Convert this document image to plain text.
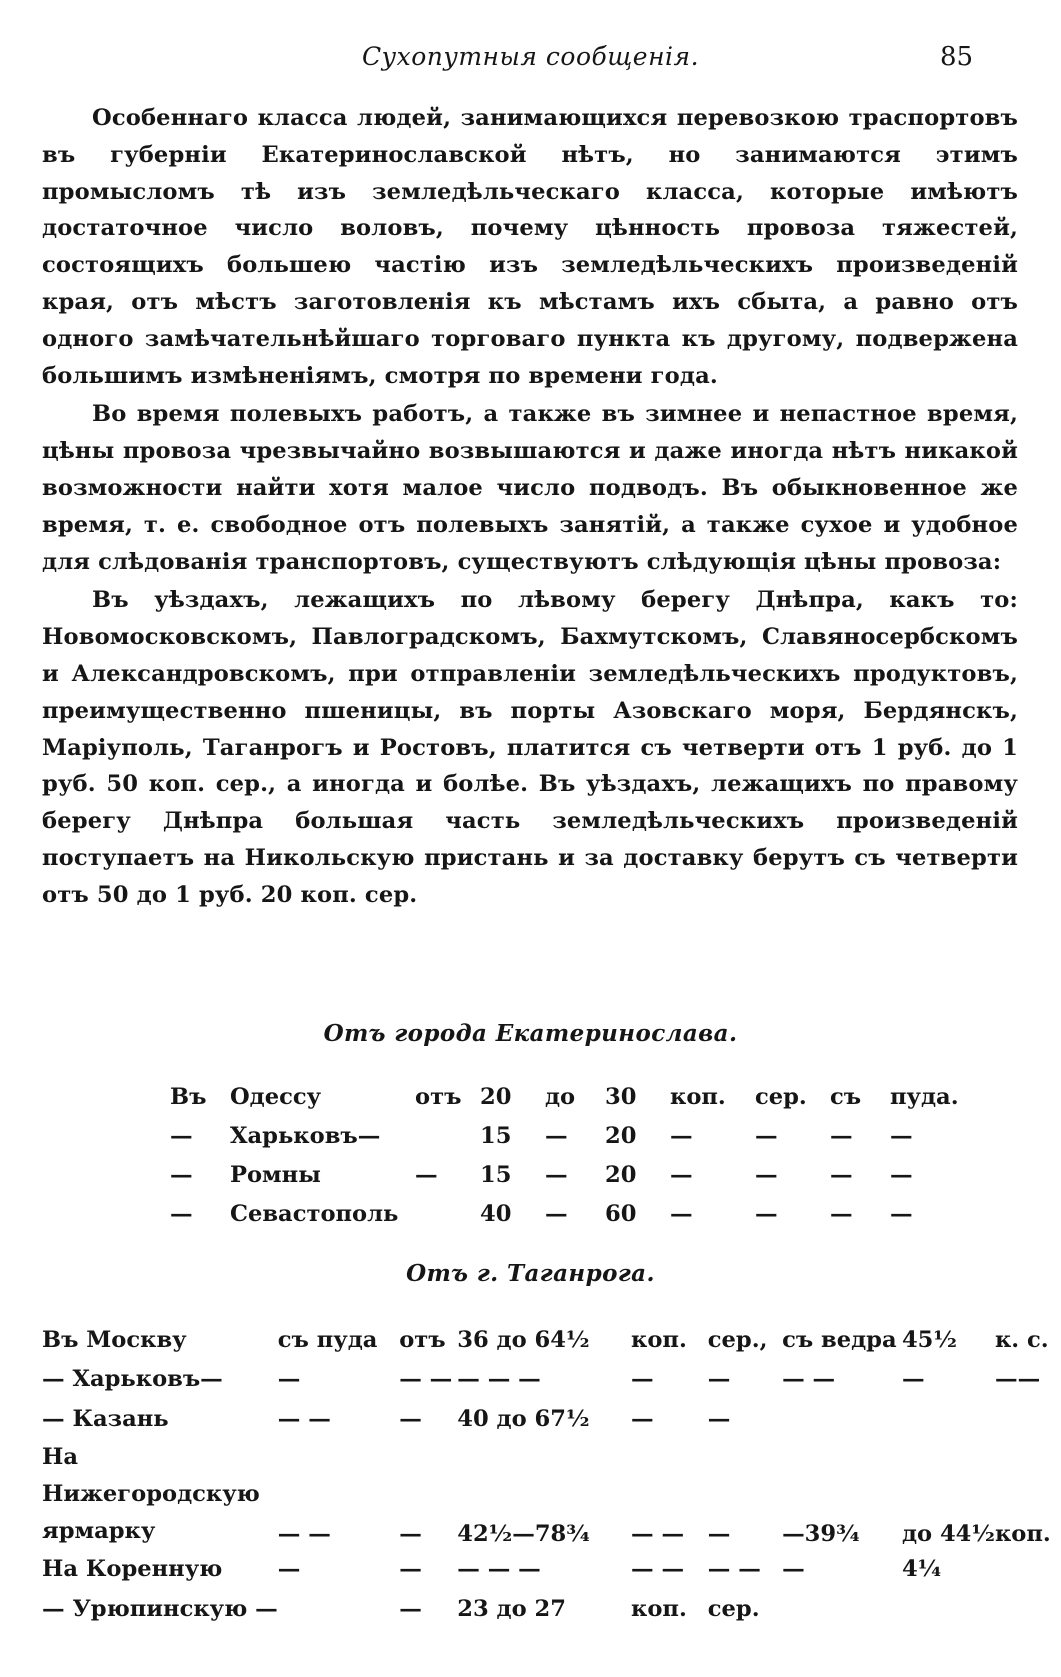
Сухопутныя сообщенія.	85

Особеннаго класса людей, занимающихся перевозкою трaспортовъ въ губерніи Екатеринославской нѣтъ, но занимаются этимъ промысломъ тѣ изъ земледѣльческаго класса, которые имѣютъ достаточное число воловъ, почему цѣнность провоза тяжестей, состоящихъ большею частію изъ земледѣльческихъ произведеній края, отъ мѣстъ заготовленія къ мѣстамъ ихъ сбыта, а равно отъ одного замѣчательнѣйшаго торговаго пункта къ другому, подвержена большимъ измѣненіямъ, смотря по времени года.

Во время полевыхъ работъ, а также въ зимнее и непастное время, цѣны провоза чрезвычайно возвышаются и даже иногда нѣтъ никакой возможности найти хотя малое число подводъ. Въ обыкновенное же время, т. е. свободное отъ полевыхъ занятій, а также сухое и удобное для слѣдованія транспортовъ, существуютъ слѣдующія цѣны провоза:

Въ уѣздахъ, лежащихъ по лѣвому берегу Днѣпра, какъ то: Новомосковскомъ, Павлоградскомъ, Бахмутскомъ, Славяносербскомъ и Александровскомъ, при отправленіи земледѣльческихъ продуктовъ, преимущественно пшеницы, въ порты Азовскаго моря, Бердянскъ, Маріуполь, Таганрогъ и Ростовъ, платится съ четверти отъ 1 руб. до 1 руб. 50 коп. сер., а иногда и болѣе. Въ уѣздахъ, лежащихъ по правому берегу Днѣпра большая часть земледѣльческихъ произведеній поступаетъ на Никольскую пристань и за доставку берутъ съ четверти отъ 50 до 1 руб. 20 коп. сер.

Отъ города Екатеринослава.
Въ	Одессу	отъ	20	до	30	коп.	сер.	съ	пуда.
—	Харьковъ—		15	—	20	—	—	—	—
—	Ромны	—	15	—	20	—	—	—	—
—	Севастополь		40	—	60	—	—	—	—
Отъ г. Таганрога.
Въ Москву	съ пуда	отъ	36 до 64½	коп.	сер.,	съ ведра	45½	к. с.
— Харьковъ—	—	— —	— — —	—	—	— —	—	——
— Казань	— —	—	40 до 67½	—	—			
На Нижегородскую ярмарку	— —	—	42½—78¾	— —	—	—39¾	до 44½	коп.
На Коренную	—	—	— — —	— —	— —	—	4¼	
— Урюпинскую —		—	23 до 27	коп.	сер.			
